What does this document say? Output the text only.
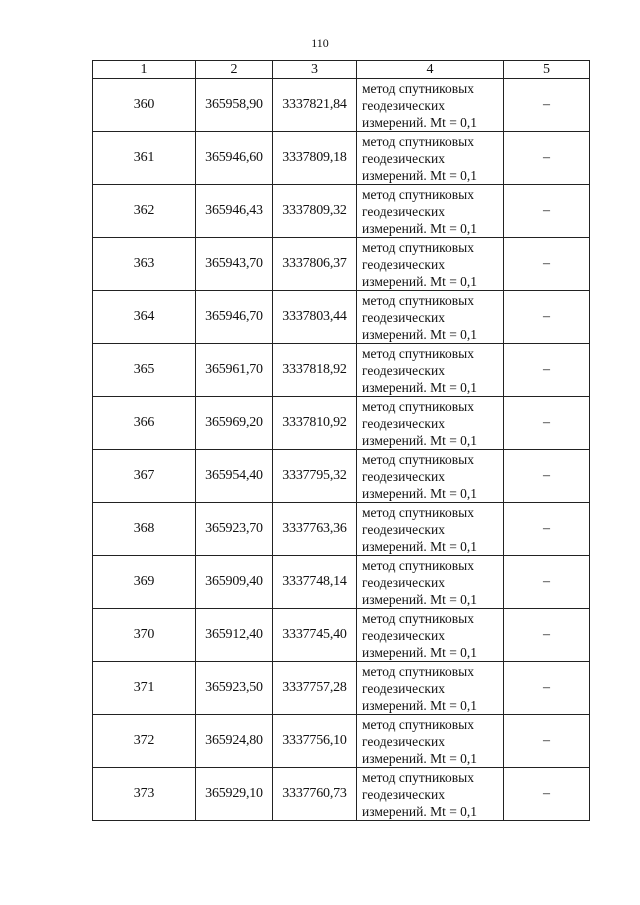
110
1	2	3	4	5
360	365958,90	3337821,84	метод спутниковых
геодезических
измерений. Mt = 0,1	–
361	365946,60	3337809,18	метод спутниковых
геодезических
измерений. Mt = 0,1	–
362	365946,43	3337809,32	метод спутниковых
геодезических
измерений. Mt = 0,1	–
363	365943,70	3337806,37	метод спутниковых
геодезических
измерений. Mt = 0,1	–
364	365946,70	3337803,44	метод спутниковых
геодезических
измерений. Mt = 0,1	–
365	365961,70	3337818,92	метод спутниковых
геодезических
измерений. Mt = 0,1	–
366	365969,20	3337810,92	метод спутниковых
геодезических
измерений. Mt = 0,1	–
367	365954,40	3337795,32	метод спутниковых
геодезических
измерений. Mt = 0,1	–
368	365923,70	3337763,36	метод спутниковых
геодезических
измерений. Mt = 0,1	–
369	365909,40	3337748,14	метод спутниковых
геодезических
измерений. Mt = 0,1	–
370	365912,40	3337745,40	метод спутниковых
геодезических
измерений. Mt = 0,1	–
371	365923,50	3337757,28	метод спутниковых
геодезических
измерений. Mt = 0,1	–
372	365924,80	3337756,10	метод спутниковых
геодезических
измерений. Mt = 0,1	–
373	365929,10	3337760,73	метод спутниковых
геодезических
измерений. Mt = 0,1	–
